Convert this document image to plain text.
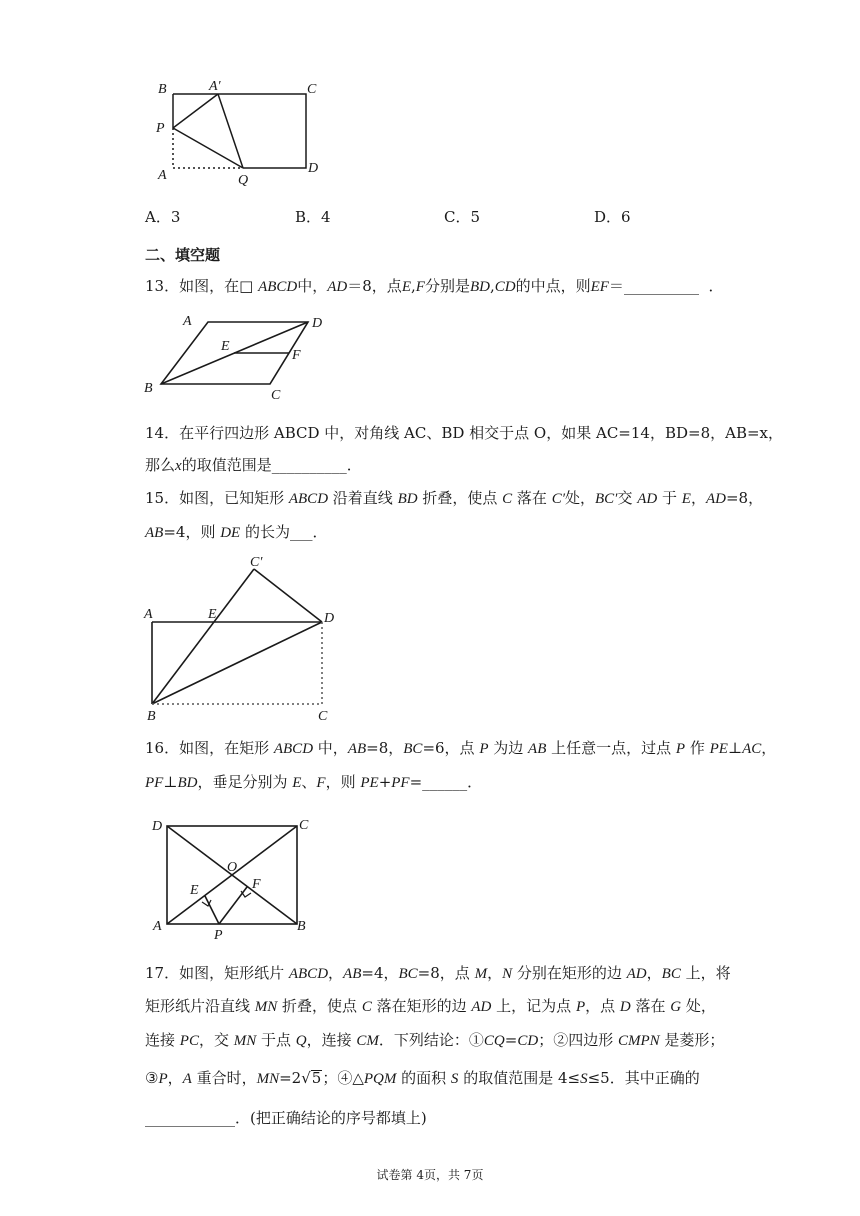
B	A′	C
P
A	Q
D
A．3	B．4	C．5	D．6
二、填空题
13．如图，在□ ABCD中，AD＝8，点E,F分别是BD,CD的中点，则EF＝__________ ．
A	D
E
F
B	C
14．在平行四边形 ABCD 中，对角线 AC、BD 相交于点 O，如果 AC=14，BD=8，AB=x，
那么x的取值范围是__________．
15．如图，已知矩形 ABCD 沿着直线 BD 折叠，使点 C 落在 C′处，BC′交 AD 于 E，AD=8，
AB=4，则 DE 的长为___．
C′
A	E	D
B	C
16．如图，在矩形 ABCD 中，AB=8，BC=6，点 P 为边 AB 上任意一点，过点 P 作 PE⊥AC，
PF⊥BD，垂足分别为 E、F，则 PE+PF=______．
D	C
O
E	F
A
P
B
17．如图，矩形纸片 ABCD，AB=4，BC=8，点 M，N 分别在矩形的边 AD，BC 上，将
矩形纸片沿直线 MN 折叠，使点 C 落在矩形的边 AD 上，记为点 P，点 D 落在 G 处，
连接 PC，交 MN 于点 Q，连接 CM．下列结论：①CQ=CD；②四边形 CMPN 是菱形；
③P，A 重合时，MN=2√5；④△PQM 的面积 S 的取值范围是 4≤S≤5．其中正确的
____________．(把正确结论的序号都填上)
试卷第 4页，共 7页
